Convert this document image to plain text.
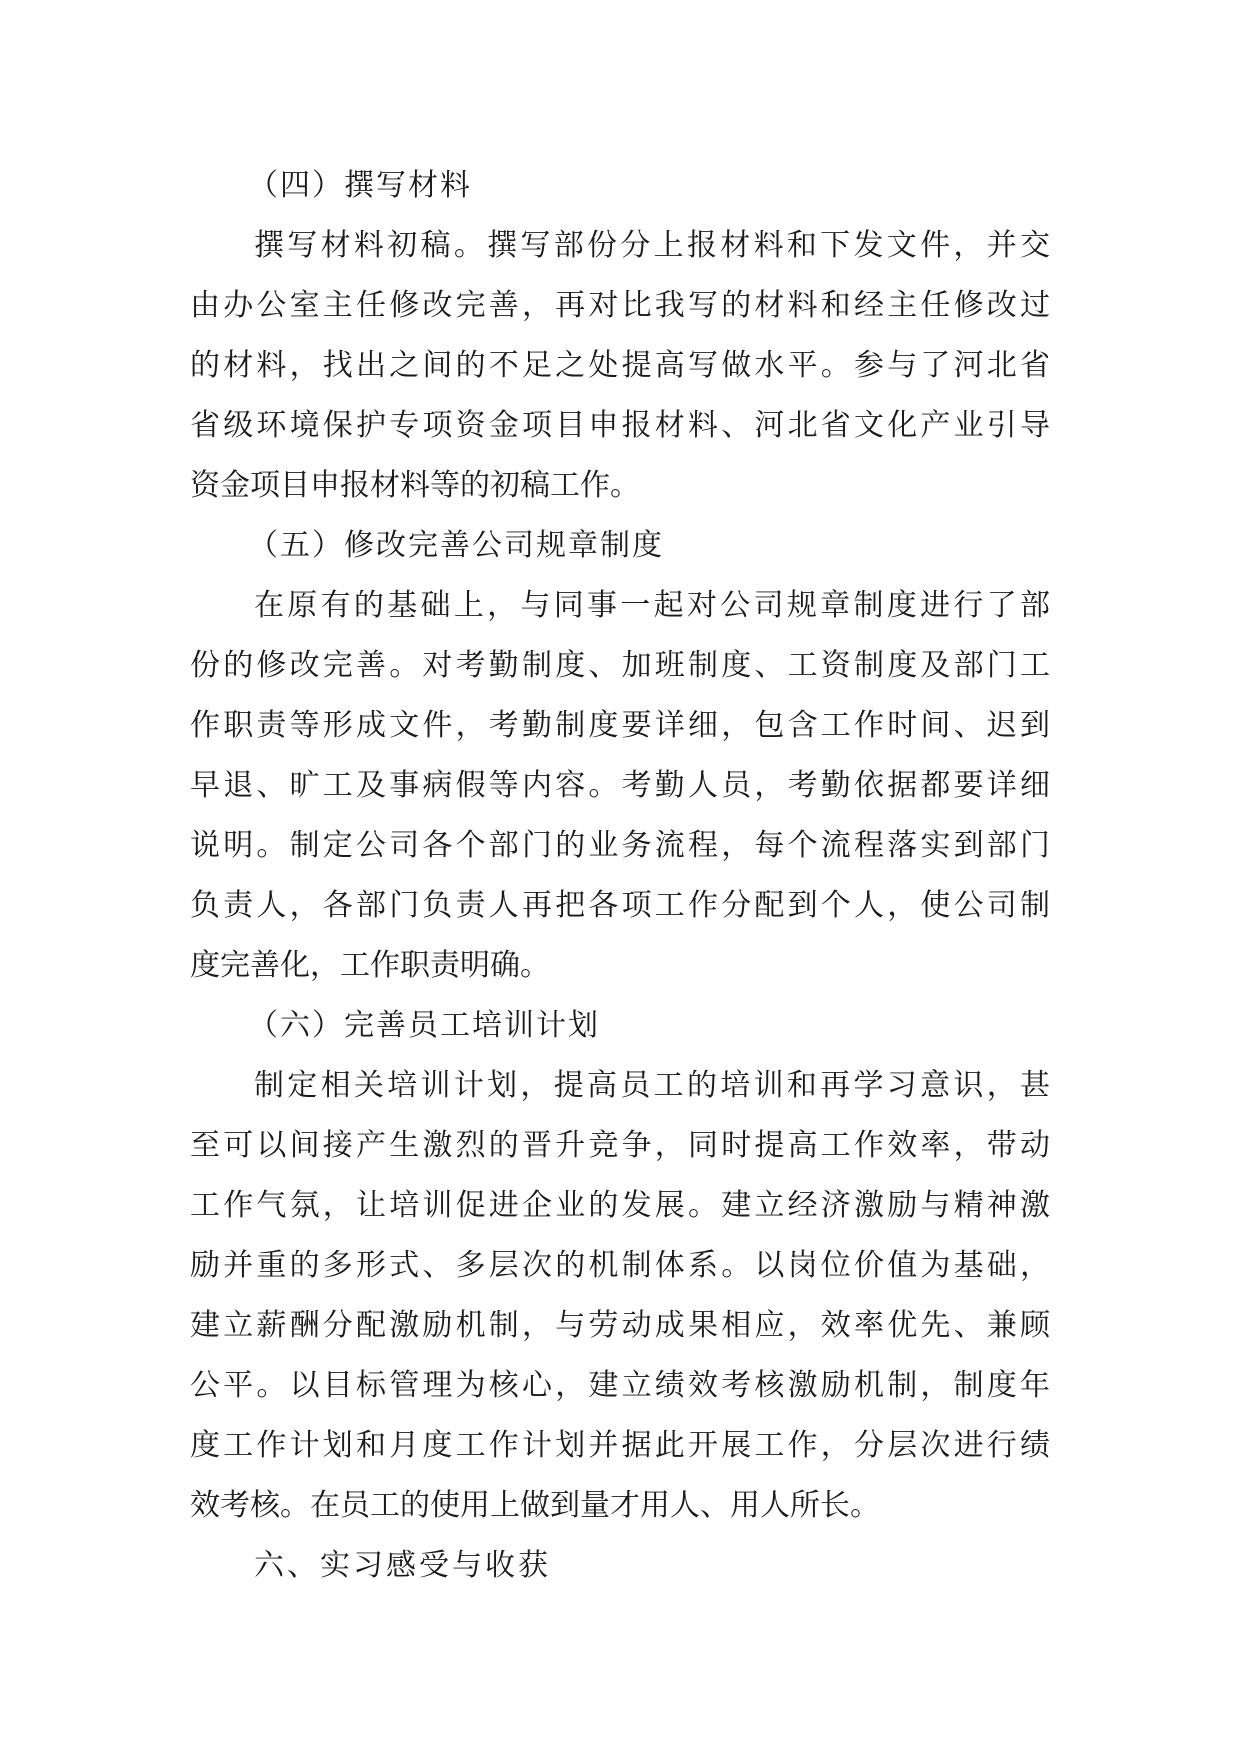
（四）撰写材料
撰写材料初稿。撰写部份分上报材料和下发文件，并交
由办公室主任修改完善，再对比我写的材料和经主任修改过
的材料，找出之间的不足之处提高写做水平。参与了河北省
省级环境保护专项资金项目申报材料、河北省文化产业引导
资金项目申报材料等的初稿工作。
（五）修改完善公司规章制度
在原有的基础上，与同事一起对公司规章制度进行了部
份的修改完善。对考勤制度、加班制度、工资制度及部门工
作职责等形成文件，考勤制度要详细，包含工作时间、迟到
早退、旷工及事病假等内容。考勤人员，考勤依据都要详细
说明。制定公司各个部门的业务流程，每个流程落实到部门
负责人，各部门负责人再把各项工作分配到个人，使公司制
度完善化，工作职责明确。
（六）完善员工培训计划
制定相关培训计划，提高员工的培训和再学习意识，甚
至可以间接产生激烈的晋升竞争，同时提高工作效率，带动
工作气氛，让培训促进企业的发展。建立经济激励与精神激
励并重的多形式、多层次的机制体系。以岗位价值为基础，
建立薪酬分配激励机制，与劳动成果相应，效率优先、兼顾
公平。以目标管理为核心，建立绩效考核激励机制，制度年
度工作计划和月度工作计划并据此开展工作，分层次进行绩
效考核。在员工的使用上做到量才用人、用人所长。
六、实习感受与收获
